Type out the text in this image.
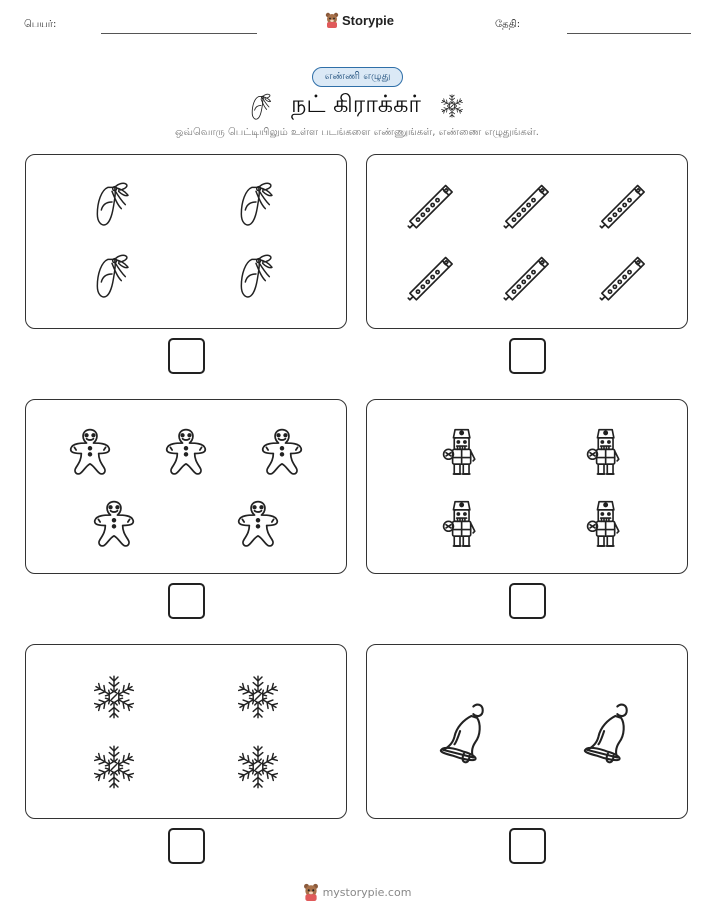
பெயர்:	Storypie	தேதி:
எண்ணி எழுது
நட் கிராக்கர்
ஒவ்வொரு பெட்டியிலும் உள்ள படங்களை எண்ணுங்கள், எண்ணை எழுதுங்கள்.
mystorypie.com
